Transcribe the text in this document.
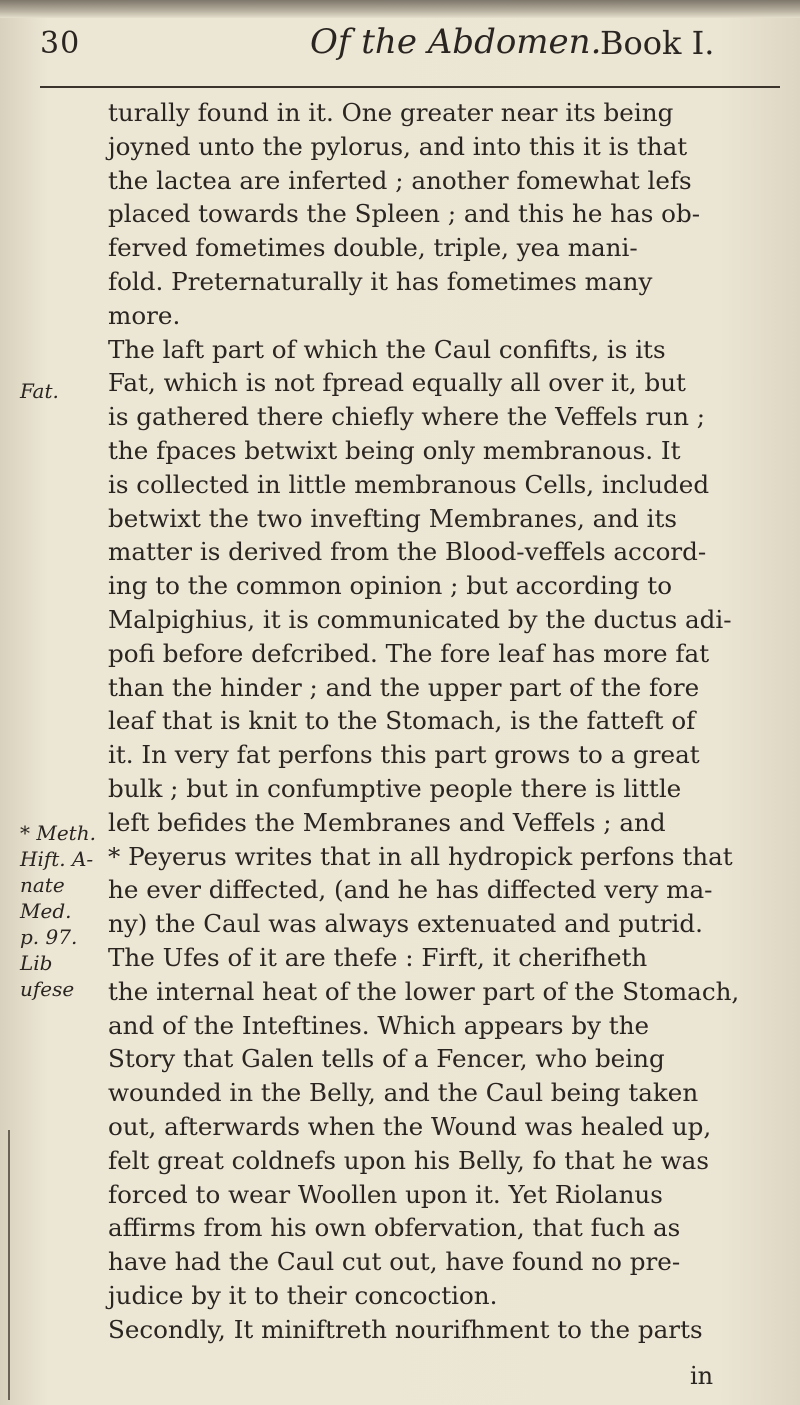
30	Of the Abdomen.
Book I.
Fat.
* Meth.
Hift. A-
nate Med.
p. 97.
Lib ufese
turally found in it. One greater near its being
joyned unto the pylorus, and into this it is that
the lactea are inferted ; another fomewhat lefs
placed towards the Spleen ; and this he has ob-
ferved fometimes double, triple, yea mani-
fold. Preternaturally it has fometimes many
more.
The laft part of which the Caul confifts, is its
Fat, which is not fpread equally all over it, but
is gathered there chiefly where the Veffels run ;
the fpaces betwixt being only membranous. It
is collected in little membranous Cells, included
betwixt the two invefting Membranes, and its
matter is derived from the Blood-veffels accord-
ing to the common opinion ; but according to
Malpighius, it is communicated by the ductus adi-
pofi before defcribed. The fore leaf has more fat
than the hinder ; and the upper part of the fore
leaf that is knit to the Stomach, is the fatteft of
it. In very fat perfons this part grows to a great
bulk ; but in confumptive people there is little
left befides the Membranes and Veffels ; and
* Peyerus writes that in all hydropick perfons that
he ever diffected, (and he has diffected very ma-
ny) the Caul was always extenuated and putrid.
The Ufes of it are thefe : Firft, it cherifheth
the internal heat of the lower part of the Stomach,
and of the Inteftines. Which appears by the
Story that Galen tells of a Fencer, who being
wounded in the Belly, and the Caul being taken
out, afterwards when the Wound was healed up,
felt great coldnefs upon his Belly, fo that he was
forced to wear Woollen upon it. Yet Riolanus
affirms from his own obfervation, that fuch as
have had the Caul cut out, have found no pre-
judice by it to their concoction.
Secondly, It miniftreth nourifhment to the parts
in
